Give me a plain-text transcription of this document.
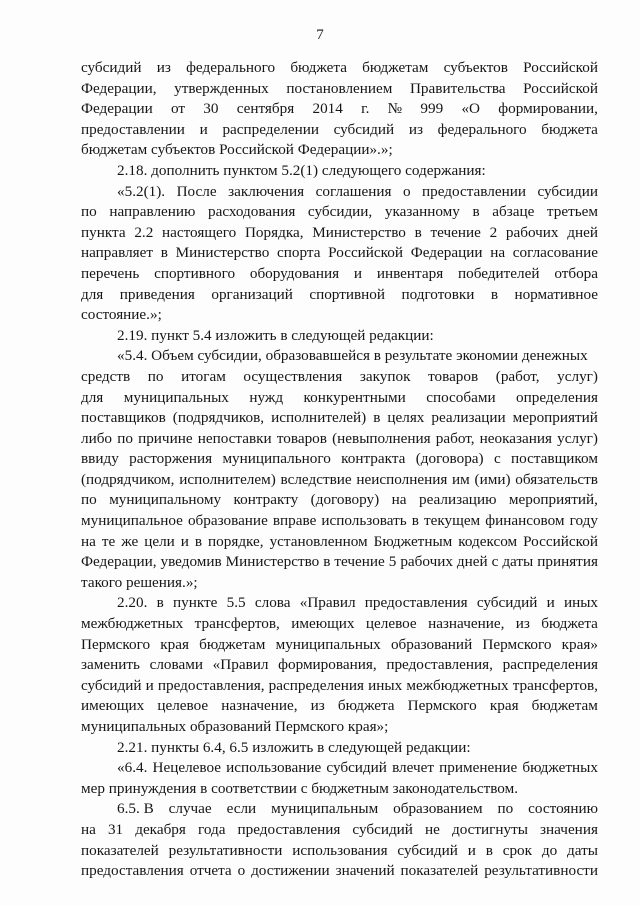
7
субсидий из федерального бюджета бюджетам субъектов Российской
Федерации, утвержденных постановлением Правительства Российской
Федерации от 30 сентября 2014 г. № 999 «О формировании,
предоставлении и распределении субсидий из федерального бюджета
бюджетам субъектов Российской Федерации».»;
2.18. дополнить пунктом 5.2(1) следующего содержания:
«5.2(1). После заключения соглашения о предоставлении субсидии
по направлению расходования субсидии, указанному в абзаце третьем
пункта 2.2 настоящего Порядка, Министерство в течение 2 рабочих дней
направляет в Министерство спорта Российской Федерации на согласование
перечень спортивного оборудования и инвентаря победителей отбора
для приведения организаций спортивной подготовки в нормативное
состояние.»;
2.19. пункт 5.4 изложить в следующей редакции:
«5.4. Объем субсидии, образовавшейся в результате экономии денежных
средств по итогам осуществления закупок товаров (работ, услуг)
для муниципальных нужд конкурентными способами определения
поставщиков (подрядчиков, исполнителей) в целях реализации мероприятий
либо по причине непоставки товаров (невыполнения работ, неоказания услуг)
ввиду расторжения муниципального контракта (договора) с поставщиком
(подрядчиком, исполнителем) вследствие неисполнения им (ими) обязательств
по муниципальному контракту (договору) на реализацию мероприятий,
муниципальное образование вправе использовать в текущем финансовом году
на те же цели и в порядке, установленном Бюджетным кодексом Российской
Федерации, уведомив Министерство в течение 5 рабочих дней с даты принятия
такого решения.»;
2.20. в пункте 5.5 слова «Правил предоставления субсидий и иных
межбюджетных трансфертов, имеющих целевое назначение, из бюджета
Пермского края бюджетам муниципальных образований Пермского края»
заменить словами «Правил формирования, предоставления, распределения
субсидий и предоставления, распределения иных межбюджетных трансфертов,
имеющих целевое назначение, из бюджета Пермского края бюджетам
муниципальных образований Пермского края»;
2.21. пункты 6.4, 6.5 изложить в следующей редакции:
«6.4. Нецелевое использование субсидий влечет применение бюджетных
мер принуждения в соответствии с бюджетным законодательством.
6.5. В случае если муниципальным образованием по состоянию
на 31 декабря года предоставления субсидий не достигнуты значения
показателей результативности использования субсидий и в срок до даты
предоставления отчета о достижении значений показателей результативности
